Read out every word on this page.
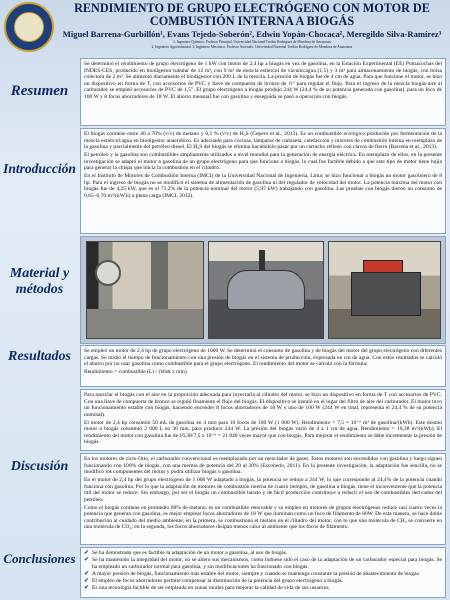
RENDIMIENTO DE GRUPO ELECTRÓGENO CON MOTOR DE COMBUSTIÓN INTERNA A BIOGÁS
Miguel Barrena-Gurbillón¹, Evans Tejedo-Soberón², Edwin Yopán-Chocaca², Meregildo Silva-Ramírez³
1. Ingeniero Químico. Profesor Principal. Universidad Nacional Toribio Rodríguez de Mendoza de Amazonas
2. Ingeniero Agroindustrial. 3. Ingeniero Mecánico. Profesor Asociado. Universidad Nacional Toribio Rodríguez de Mendoza de Amazonas
Resumen

Se determinó el rendimiento de grupo electrógeno de 1 kW con motor de 2,4 hp a biogás en vez de gasolina, en la Estación Experimental (EE) Pomacochas del INDES-CES, producido en biodigestor tubular de 12 m³, con 9 m³ de mezcla estiércol de vacuno:agua (1:5) y 3 m³ para almacenamiento de biogás, con bolsa colectora de 2 m³. Se alimentó diariamente el biodigestor con 200 L de la mezcla. La presión de biogás fue de 4 cm de agua. Para que funcione el motor, se hizo un dispositivo en forma de T, con accesorios de PVC y llave de compuerta de bronce de ½" para regular el flujo. Para el ingreso de la mezcla biogás-aire al carburador se empleó accesorios de PVC de 1,5". El grupo electrógeno a biogás produjo 244 W (24,4 % de su potencia generada con gasolina), para un foco de 100 W y 8 focos ahorradores de 18 W. El ahorro mensual fue con gasolina y enseguida se pasó a operación con biogás.

Introducción

El biogás contiene entre 40 a 70% (v/v) de metano y 0,1 % (v/v) de H₂S (Cepero et al., 2013). Es un combustible ecológico producido por fermentación de la mezcla estiércol:agua en biodigestor anaeróbico. Es adecuado para cocinas, lámparas de camiseta, calefacción y motores de combustión interna en reemplazo de la gasolina y parcialmente del petróleo diesel. El H₂S del biogás se elimina haciéndolo pasar por un cartucho relleno con clavos de fierro (Barrena et al., 2013).

El petróleo y la gasolina son combustibles ampliamente utilizados a nivel mundial para la generación de energía eléctrica. En reemplazo de ellos, en la presente investigación se adaptó el motor a gasolina de un grupo electrógeno para que funcione a biogás, lo cual fue factible debido a que este tipo de motor tiene bujía para generar la chispa que inicia la combustión en el cilindro.

En el Instituto de Motores de Combustión Interna (IMCI) de la Universidad Nacional de Ingeniería, Lima; se hizo funcionar a biogás un motor gasolinero de 8 hp. Para el ingreso de biogás no se modificó el sistema de alimentación de gasolina ni del regulador de velocidad del motor. La potencia máxima del motor con biogás fue de 4,25 kW, que es el 71,2% de la potencia nominal del motor (5,97 kW) trabajando con gasolina. Las pruebas con biogás dieron un consumo de 0,65–0,70 m³/(kW.h) a plena carga (IMCI, 2012).

Material y
métodos

Se empleó un motor de 2,4 hp de grupo electrógeno de 1000 W. Se determinó el consumo de gasolina y de biogás del motor del grupo electrógeno con diferentes cargas. Se midió el tiempo de funcionamiento con una presión de biogás en el sistema de producción, expresada en cm de agua. Con estos resultados se calculó el ahorro por no usar gasolina como combustible para el grupo electrógeno. El rendimiento del motor se calculó con la fórmula:

Rendimiento = combustible (L) / (Watt x min).

Resultados

Para mezclar el biogás con el aire en la proporción adecuada para inyectarla al cilindro del motor, se hizo un dispositivo en forma de T con accesorios de PVC. Con una llave de compuerta de bronce se reguló finamente el flujo del biogás. El dispositivo se instaló en el lugar del filtro de aire del carburador. El motor tuvo un funcionamiento estable con biogás, haciendo encender 8 focos ahorradores de 18 W y uno de 100 W (244 W en total, representa el 24,4 % de su potencia nominal).

El motor de 2,4 hp consumió 50 mL de gasolina en 4 min para 10 focos de 100 W (1 000 W). Rendimiento = 7,5 × 10⁻⁶ m³ de gasolina/(kWh). Este mismo motor a biogás consumió 2 000 L en 30 min, para producir 244 W. La presión del biogás varió de 4 a 1 cm de agua. Rendimiento = 16,38 m³/(kWh). El rendimiento del motor con gasolina fue de 16,38/7,5 x 10⁻⁶ = 21 840 veces mayor que con biogás. Para mejorar el rendimiento se debe incrementar la presión de biogás.

Discusión	En los motores de ciclo Otto, el carburador convencional es reemplazado por un mezclador de gases. Estos motores son encendidos con gasolina y luego siguen funcionando con 100% de biogás, con una merma de potencia del 20 al 30% (Escobedo, 2011). En la presente investigación, la adaptación fue sencilla, no se modificó los componentes del motor y podrá utilizar biogás o gasolina.

En el motor de 2,4 hp del grupo electrógeno de 1 000 W adaptado a biogás, la potencia se redujo a 244 W, lo que corresponde al 24,4% de la potencia cuando funciona con gasolina. Por lo que la adaptación de motores de combustión interna de cuatro tiempos, de gasolina a biogás, tiene el inconveniente que la potencia útil del motor se reduce. Sin embargo, por ser el biogás un combustible barato y de fácil producción contribuye a reducir el uso de combustibles derivados del petróleo.

Como el biogás contiene en promedio 60% de metano, es un combustible renovable y su empleo en motores de grupos electrógenos reduce casi cuatro veces la potencia que generan con gasolina, es mejor emplear focos ahorradores de 18 W que iluminan como un foco de filamento de 80W. De esta manera, se hace doble contribución al cuidado del medio ambiente; en la primera, se combustiona el metano en el cilindro del motor, con lo que una molécula de CH₄ se convierte en una molécula de CO₂; en la segunda, los focos ahorradores disipan menos calor al ambiente que los focos de filamento.

Conclusiones ✔ Se ha demostrado que es factible la adaptación de un motor a gasolina, al uso de biogás.
✔ Se ha mantenido la integridad del motor, no se altero sus mecanismos, como hubiese sido el caso de la adaptación de un carburador especial para biogás. Se ha empleado un carburador normal para gasolina, y sin modificaciones ha funcionado con biogás.
✔ A mayor presión de biogás, funcionamiento más estable del motor, siempre y cuando se mantenga constante la presión de abastecimiento de biogás.
✔ El empleo de focos ahorradores permite compensar la disminución de la potencia del grupo electrógeno a biogás.
✔ Es una tecnología factible de ser empleada en zonas rurales para mejorar la calidad de vida de sus usuarios.
